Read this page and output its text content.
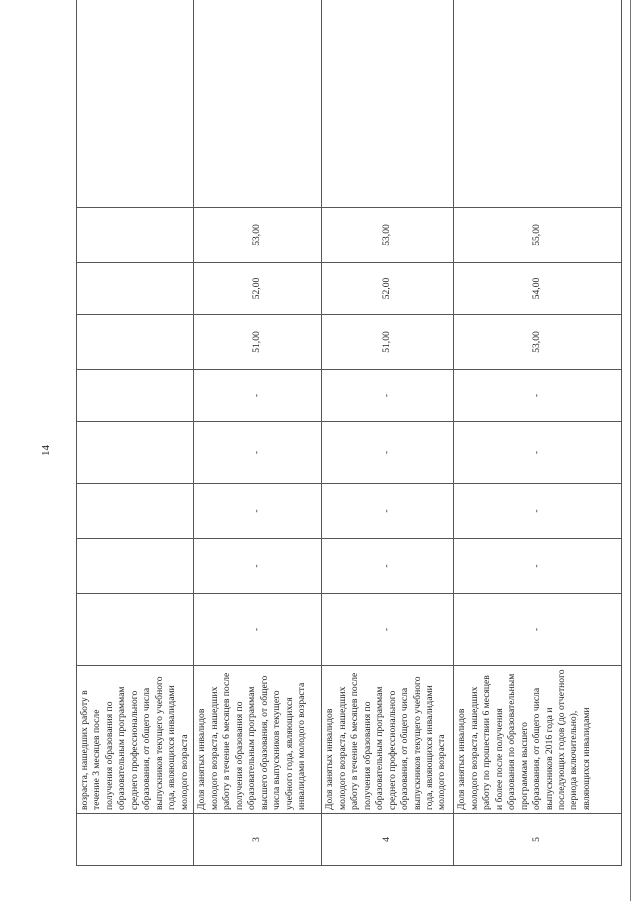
14
	возраста, нашедших работу в течение 3 месяцев после получения образования по образовательным программам среднего профессионального образования, от общего числа выпускников текущего учебного года, являющихся инвалидами молодого возраста									
3	Доля занятых инвалидов молодого возраста, нашедших работу в течение 6 месяцев после получения образования по образовательным программам высшего образования, от общего числа выпускников текущего учебного года, являющихся инвалидами молодого возраста	-	-	-	-	-	51,00	52,00	53,00	
4	Доля занятых инвалидов молодого возраста, нашедших работу в течение 6 месяцев после получения образования по образовательным программам среднего профессионального образования, от общего числа выпускников текущего учебного года, являющихся инвалидами молодого возраста	-	-	-	-	-	51,00	52,00	53,00	
5	Доля занятых инвалидов молодого возраста, нашедших работу по прошествии 6 месяцев и более после получения образования по образовательным программам высшего образования, от общего числа выпускников 2016 года и последующих годов (до отчетного периода включительно), являющихся инвалидами	-	-	-	-	-	53,00	54,00	55,00	
